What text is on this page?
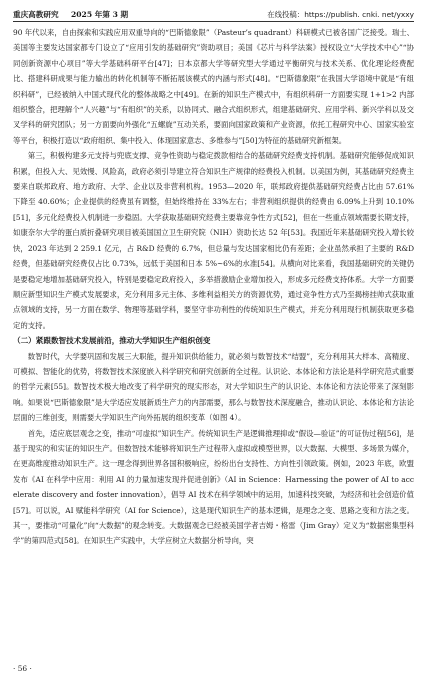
重庆高教研究 2025 年第 3 期	在线投稿：https://publish. cnki. net/yxxy

90 年代以来，自由探索和实践应用双重导向的“巴斯德象限”（Pasteur’s quadrant）科研模式已被各国广泛接受。瑞士、美国等主要发达国家都专门设立了“应用引发的基础研究”资助项目；美国《芯片与科学法案》授权设立“大学技术中心”“协同创新资源中心项目”等大学基础科研平台[47]；日本京都大学等研究型大学通过平衡研究与技术关系、优化理论经费配比、搭建科研成果与能力输出的转化机制等不断拓展该模式的内涵与形式[48]。“巴斯德象限”在我国大学语境中就是“有组织科研”，已经被纳入中国式现代化的整体战略之中[49]。在新的知识生产模式中，有组织科研一方面要实现 1+1>2 内部组织整合，把理解个“人兴趣”与“有组织”的关系，以协同式、融合式组织形式，组建基础研究、应用学科、新兴学科以及交叉学科的研究团队；另一方面要向外强化“五螺旋”互动关系，要面向国家政策和产业资源，依托工程研究中心、国家实验室等平台，积极打造以“政府组织、集中投入、体现国家意志、多维参与”[50]为特征的基础研究新框架。

第三，积极构建多元支持与兜底支撑、竞争性资助与稳定拨款相结合的基础研究经费支持机制。基础研究能够促成知识积累，但投入大、见效慢、风险高，政府必须引导建立符合知识生产规律的经费投入机制。以美国为例，其基础研究经费主要来自联邦政府、地方政府、大学、企业以及非营利机构。1953—2020 年，联邦政府提供基础研究经费占比由 57.61%下降至 40.60%；企业提供的经费虽有调整，但始终维持在 33%左右；非营利组织提供的经费由 6.09%上升到 10.10%[51]，多元化经费投入机制进一步稳固。大学获取基础研究经费主要靠竞争性方式[52]，但在一些重点领域需要长期支持，如康奈尔大学的蛋白质折叠研究项目被美国国立卫生研究院（NIH）资助长达 52 年[53]。我国近年来基础研究投入增长较快，2023 年达到 2 259.1 亿元，占 R&D 经费的 6.7%，但总量与发达国家相比仍有差距；企业虽然承担了主要的 R&D 经费，但基础研究经费仅占比 0.73%，远低于美国和日本 5%~6%的水准[54]。从横向对比来看，我国基础研究的关键仍是要稳定地增加基础研究投入，特别是要稳定政府投入，多举措激励企业增加投入，形成多元经费支持体系。大学一方面要顺应新型知识生产模式发展要求，充分利用多元主体、多维利益相关方的资源优势，通过竞争性方式乃至揭榜挂帅式获取重点领域的支持，另一方面在数学、物理等基础学科，要坚守非功利性的传统知识生产模式，并充分利用现行机制获取更多稳定的支持。

（二）紧跟数智技术发展前沿，推动大学知识生产组织创变

数智时代，大学要巩固和发展三大职能，提升知识供给能力，就必须与数智技术“结盟”，充分利用其大样本、高精度、可模拟、智能化的优势，将数智技术深度嵌入科学研究和研究创新的全过程。认识论、本体论和方法论是科学研究范式重要的哲学元素[55]。数智技术极大地改变了科学研究的现实形态，对大学知识生产的认识论、本体论和方法论带来了深刻影响。如果说“巴斯德象限”是大学适应发展新质生产力的内部需要，那么与数智技术深度融合，推动认识论、本体论和方法论层面的三维创变，则需要大学知识生产向外拓展的组织变革（如图 4）。

首先，适应底层观念之变，推动“可虚拟”知识生产。传统知识生产是逻辑推理抑或“假设—验证”的可证伪过程[56]，是基于现实的和实证的知识生产。但数智技术能够将知识生产过程带入虚拟或模型世界，以大数据、大模型、多场景为媒介，在更高维度推动知识生产。这一理念得到世界各国积极响应，纷纷出台支持性、方向性引领政策。例如，2023 年底，欧盟发布《AI 在科学中应用：利用 AI 的力量加速发现并促进创新》（AI in Science：Harnessing the power of AI to accelerate discovery and foster innovation），倡导 AI 技术在科学领域中的运用，加速科技突破，为经济和社会创造价值[57]。可以说，AI 赋能科学研究（AI for Science），这是现代知识生产的基本逻辑，是理念之变、思路之变和方法之变。其一，要推动“可量化”向“大数据”的观念转变。大数据观念已经被美国学者吉姆・格雷（Jim Gray）定义为“数据密集型科学”的第四范式[58]。在知识生产实践中，大学应树立大数据分析导向，突

· 56 ·
